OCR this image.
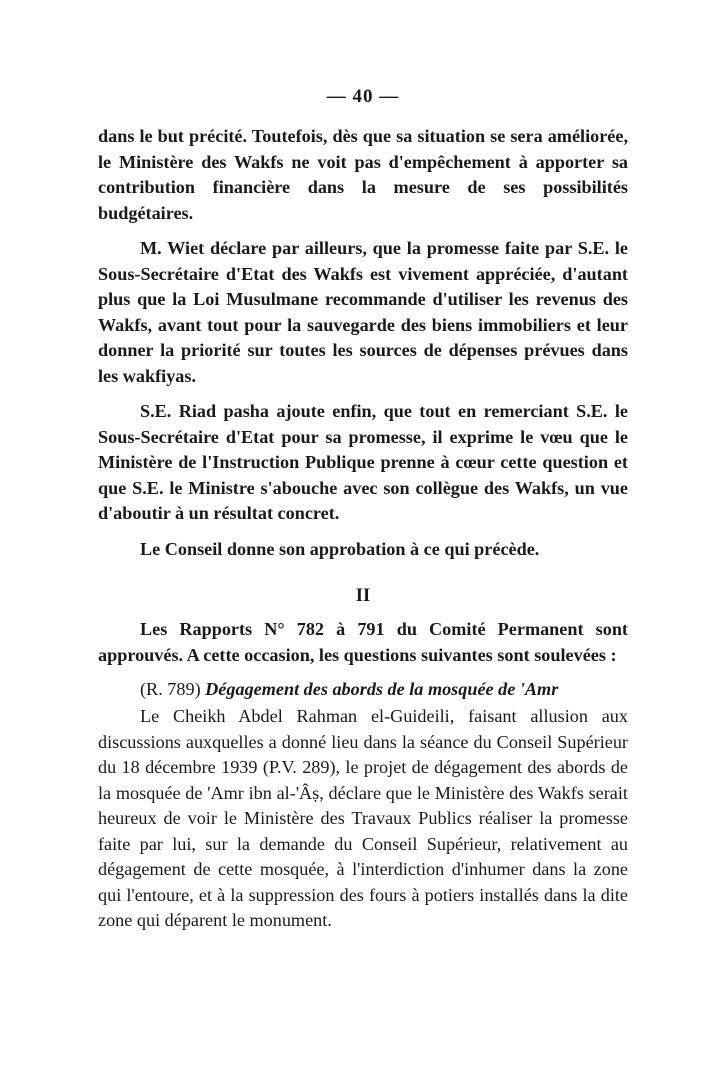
— 40 —

dans le but précité. Toutefois, dès que sa situation se sera améliorée, le Ministère des Wakfs ne voit pas d'empêchement à apporter sa contribution financière dans la mesure de ses possibilités budgétaires.

M. Wiet déclare par ailleurs, que la promesse faite par S.E. le Sous-Secrétaire d'Etat des Wakfs est vivement appréciée, d'autant plus que la Loi Musulmane recommande d'utiliser les revenus des Wakfs, avant tout pour la sauvegarde des biens immobiliers et leur donner la priorité sur toutes les sources de dépenses prévues dans les wakfiyas.

S.E. Riad pasha ajoute enfin, que tout en remerciant S.E. le Sous-Secrétaire d'Etat pour sa promesse, il exprime le vœu que le Ministère de l'Instruction Publique prenne à cœur cette question et que S.E. le Ministre s'abouche avec son collègue des Wakfs, un vue d'aboutir à un résultat concret.

Le Conseil donne son approbation à ce qui précède.

II

Les Rapports N° 782 à 791 du Comité Permanent sont approuvés. A cette occasion, les questions suivantes sont soulevées :

(R. 789) Dégagement des abords de la mosquée de 'Amr

Le Cheikh Abdel Rahman el-Guideili, faisant allusion aux discussions auxquelles a donné lieu dans la séance du Conseil Supérieur du 18 décembre 1939 (P.V. 289), le projet de dégagement des abords de la mosquée de 'Amr ibn al-'Âṣ, déclare que le Ministère des Wakfs serait heureux de voir le Ministère des Travaux Publics réaliser la promesse faite par lui, sur la demande du Conseil Supérieur, relativement au dégagement de cette mosquée, à l'interdiction d'inhumer dans la zone qui l'entoure, et à la suppression des fours à potiers installés dans la dite zone qui déparent le monument.
